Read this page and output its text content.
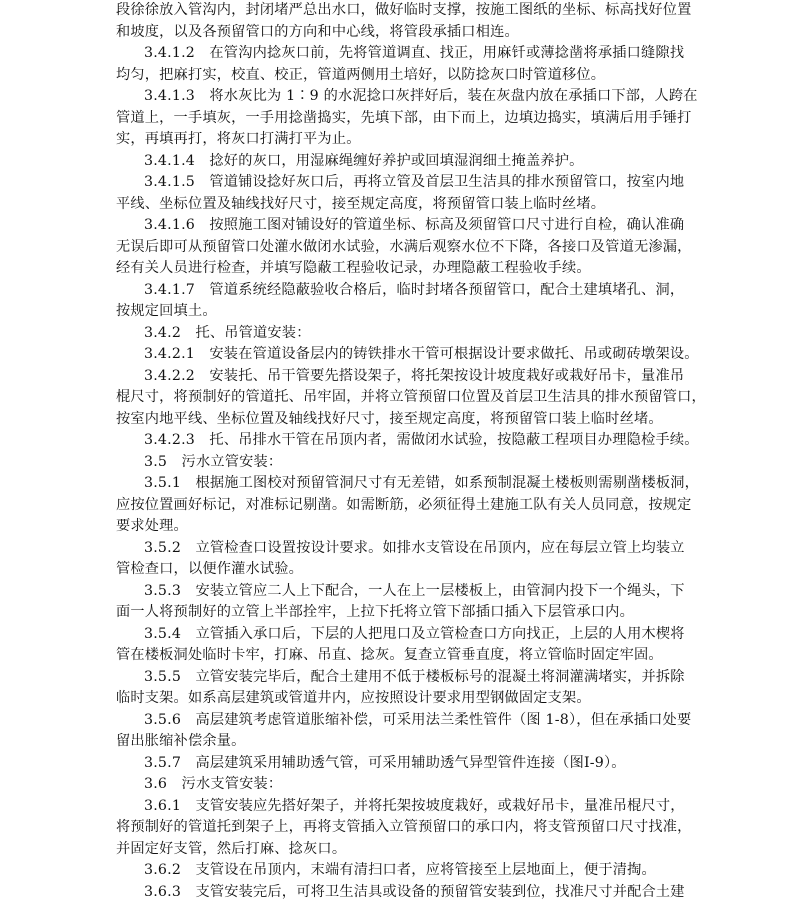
段徐徐放入管沟内，封闭堵严总出水口，做好临时支撑，按施工图纸的坐标、标高找好位置
和坡度，以及各预留管口的方向和中心线，将管段承插口相连。
3.4.1.2　在管沟内捻灰口前，先将管道调直、找正，用麻钎或薄捻凿将承插口缝隙找
均匀，把麻打实，校直、校正，管道两侧用土培好，以防捻灰口时管道移位。
3.4.1.3　将水灰比为 1∶9 的水泥捻口灰拌好后，装在灰盘内放在承插口下部，人跨在
管道上，一手填灰，一手用捻凿捣实，先填下部，由下而上，边填边捣实，填满后用手锤打
实，再填再打，将灰口打满打平为止。
3.4.1.4　捻好的灰口，用湿麻绳缠好养护或回填湿润细土掩盖养护。
3.4.1.5　管道铺设捻好灰口后，再将立管及首层卫生洁具的排水预留管口，按室内地
平线、坐标位置及轴线找好尺寸，接至规定高度，将预留管口装上临时丝堵。
3.4.1.6　按照施工图对铺设好的管道坐标、标高及须留管口尺寸进行自检，确认准确
无误后即可从预留管口处灌水做闭水试验，水满后观察水位不下降，各接口及管道无渗漏，
经有关人员进行检查，并填写隐蔽工程验收记录，办理隐蔽工程验收手续。
3.4.1.7　管道系统经隐蔽验收合格后，临时封堵各预留管口，配合土建填堵孔、洞，
按规定回填土。
3.4.2　托、吊管道安装：
3.4.2.1　安装在管道设备层内的铸铁排水干管可根据设计要求做托、吊或砌砖墩架设。
3.4.2.2　安装托、吊干管要先搭设架子，将托架按设计坡度栽好或栽好吊卡，量准吊
棍尺寸，将预制好的管道托、吊牢固，并将立管预留口位置及首层卫生洁具的排水预留管口，
按室内地平线、坐标位置及轴线找好尺寸，接至规定高度，将预留管口装上临时丝堵。
3.4.2.3　托、吊排水干管在吊顶内者，需做闭水试验，按隐蔽工程项目办理隐检手续。
3.5　污水立管安装：
3.5.1　根据施工图校对预留管洞尺寸有无差错，如系预制混凝土楼板则需剔凿楼板洞，
应按位置画好标记，对准标记剔凿。如需断筋，必须征得土建施工队有关人员同意，按规定
要求处理。
3.5.2　立管检查口设置按设计要求。如排水支管设在吊顶内，应在每层立管上均装立
管检查口，以便作灌水试验。
3.5.3　安装立管应二人上下配合，一人在上一层楼板上，由管洞内投下一个绳头，下
面一人将预制好的立管上半部拴牢，上拉下托将立管下部插口插入下层管承口内。
3.5.4　立管插入承口后，下层的人把甩口及立管检查口方向找正，上层的人用木楔将
管在楼板洞处临时卡牢，打麻、吊直、捻灰。复查立管垂直度，将立管临时固定牢固。
3.5.5　立管安装完毕后，配合土建用不低于楼板标号的混凝土将洞灌满堵实，并拆除
临时支架。如系高层建筑或管道井内，应按照设计要求用型钢做固定支架。
3.5.6　高层建筑考虑管道胀缩补偿，可采用法兰柔性管件（图 1-8），但在承插口处要
留出胀缩补偿余量。
3.5.7　高层建筑采用辅助透气管，可采用辅助透气异型管件连接（图Ⅰ-9）。
3.6　污水支管安装：
3.6.1　支管安装应先搭好架子，并将托架按坡度栽好，或栽好吊卡，量准吊棍尺寸，
将预制好的管道托到架子上，再将支管插入立管预留口的承口内，将支管预留口尺寸找准，
并固定好支管，然后打麻、捻灰口。
3.6.2　支管设在吊顶内，末端有清扫口者，应将管接至上层地面上，便于清掏。
3.6.3　支管安装完后，可将卫生洁具或设备的预留管安装到位，找准尺寸并配合土建
